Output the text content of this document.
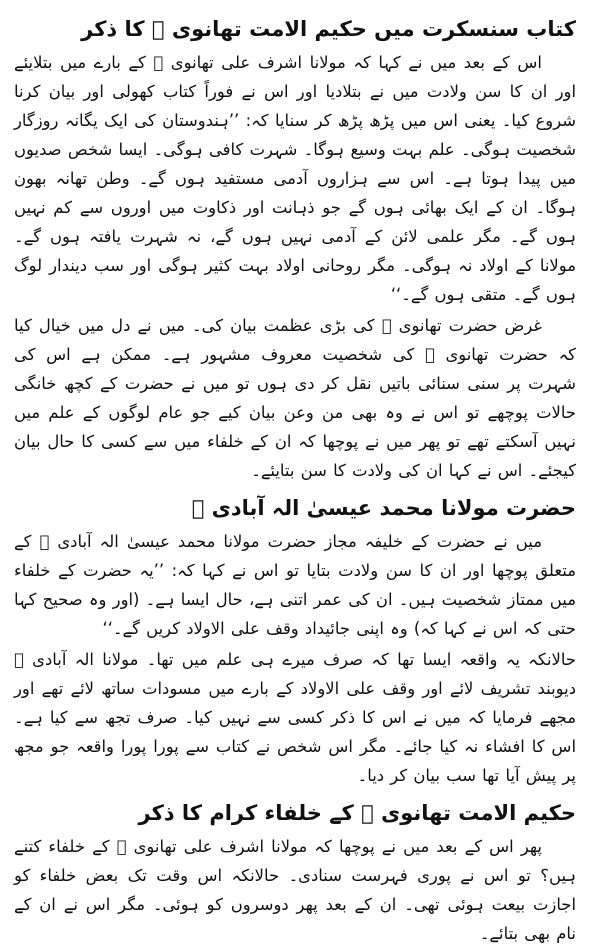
کتاب سنسکرت میں حکیم الامت تھانوی ﷫ کا ذکر

اس کے بعد میں نے کہا کہ مولانا اشرف علی تھانوی ﷫ کے بارے میں بتلایئے اور ان کا سن ولادت میں نے بتلادیا اور اس نے فوراً کتاب کھولی اور بیان کرنا شروع کیا۔ یعنی اس میں پڑھ پڑھ کر سنایا کہ: ’’ہندوستان کی ایک یگانہ روزگار شخصیت ہوگی۔ علم بہت وسیع ہوگا۔ شہرت کافی ہوگی۔ ایسا شخص صدیوں میں پیدا ہوتا ہے۔ اس سے ہزاروں آدمی مستفید ہوں گے۔ وطن تھانہ بھون ہوگا۔ ان کے ایک بھائی ہوں گے جو ذہانت اور ذکاوت میں اوروں سے کم نہیں ہوں گے۔ مگر علمی لائن کے آدمی نہیں ہوں گے، نہ شہرت یافتہ ہوں گے۔ مولانا کے اولاد نہ ہوگی۔ مگر روحانی اولاد بہت کثیر ہوگی اور سب دیندار لوگ ہوں گے۔ متقی ہوں گے۔‘‘

غرض حضرت تھانوی ﷫ کی بڑی عظمت بیان کی۔ میں نے دل میں خیال کیا کہ حضرت تھانوی ﷫ کی شخصیت معروف مشہور ہے۔ ممکن ہے اس کی شہرت پر سنی سنائی باتیں نقل کر دی ہوں تو میں نے حضرت کے کچھ خانگی حالات پوچھے تو اس نے وہ بھی من وعن بیان کیے جو عام لوگوں کے علم میں نہیں آسکتے تھے تو پھر میں نے پوچھا کہ ان کے خلفاء میں سے کسی کا حال بیان کیجئے۔ اس نے کہا ان کی ولادت کا سن بتایئے۔

حضرت مولانا محمد عیسیٰ الہ آبادی ﷫

میں نے حضرت کے خلیفہ مجاز حضرت مولانا محمد عیسیٰ الہ آبادی ﷫ کے متعلق پوچھا اور ان کا سن ولادت بتایا تو اس نے کہا کہ: ’’یہ حضرت کے خلفاء میں ممتاز شخصیت ہیں۔ ان کی عمر اتنی ہے، حال ایسا ہے۔ (اور وہ صحیح کہا حتی کہ اس نے کہا کہ) وہ اپنی جائیداد وقف علی الاولاد کریں گے۔‘‘

حالانکہ یہ واقعہ ایسا تھا کہ صرف میرے ہی علم میں تھا۔ مولانا الہ آبادی ﷫ دیوبند تشریف لائے اور وقف علی الاولاد کے بارے میں مسودات ساتھ لائے تھے اور مجھے فرمایا کہ میں نے اس کا ذکر کسی سے نہیں کیا۔ صرف تجھ سے کیا ہے۔ اس کا افشاء نہ کیا جائے۔ مگر اس شخص نے کتاب سے پورا پورا واقعہ جو مجھ پر پیش آیا تھا سب بیان کر دیا۔

حکیم الامت تھانوی ﷫ کے خلفاء کرام کا ذکر

پھر اس کے بعد میں نے پوچھا کہ مولانا اشرف علی تھانوی ﷫ کے خلفاء کتنے ہیں؟ تو اس نے پوری فہرست سنادی۔ حالانکہ اس وقت تک بعض خلفاء کو اجازت بیعت ہوئی تھی۔ ان کے بعد پھر دوسروں کو ہوئی۔ مگر اس نے ان کے نام بھی بتائے۔
